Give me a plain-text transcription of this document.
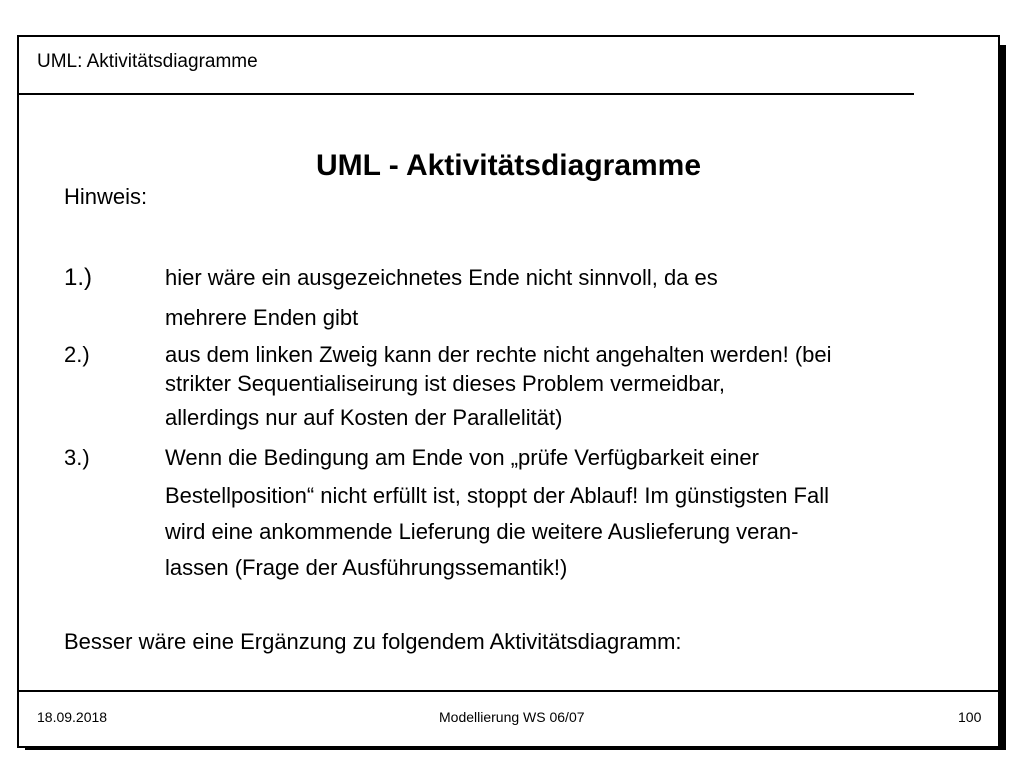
UML: Aktivitätsdiagramme
UML - Aktivitätsdiagramme
Hinweis:
1.)	hier wäre ein ausgezeichnetes Ende nicht sinnvoll, da es
mehrere Enden gibt
2.)	aus dem linken Zweig kann der rechte nicht angehalten werden! (bei
strikter Sequentialiseirung ist dieses Problem vermeidbar,
allerdings nur auf Kosten der Parallelität)
3.)	Wenn die Bedingung am Ende von „prüfe Verfügbarkeit einer
Bestellposition“ nicht erfüllt ist, stoppt der Ablauf! Im günstigsten Fall
wird eine ankommende Lieferung die weitere Auslieferung veran-
lassen (Frage der Ausführungssemantik!)
Besser wäre eine Ergänzung zu folgendem Aktivitätsdiagramm:
18.09.2018	Modellierung WS 06/07	100
